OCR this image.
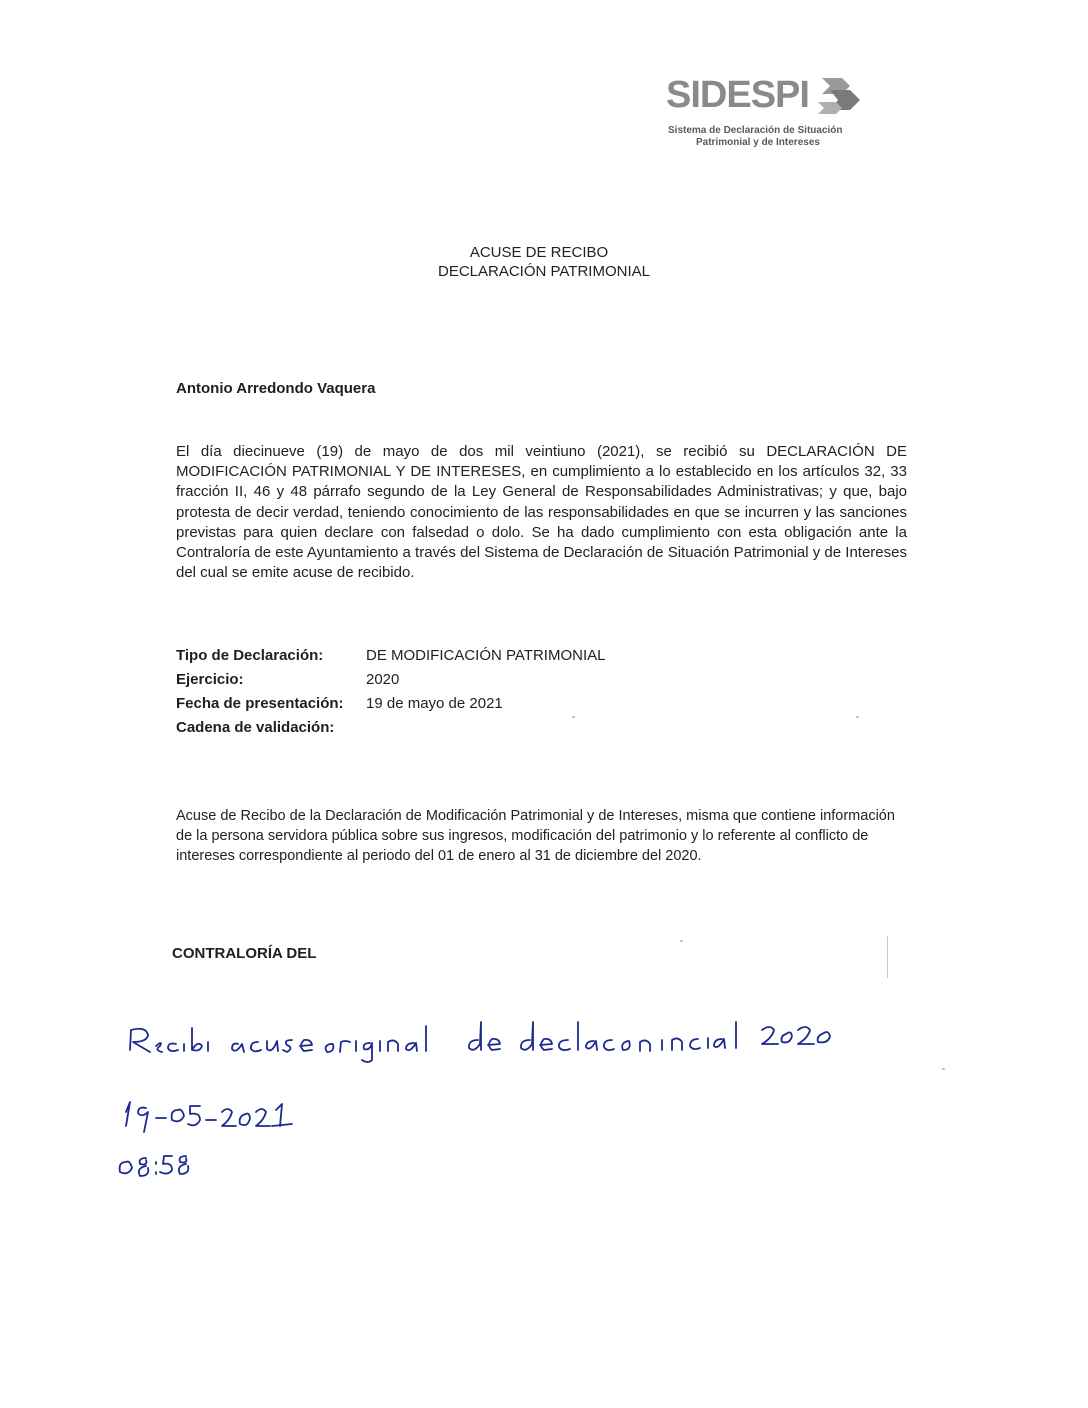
SIDESPI
Sistema de Declaración de Situación
Patrimonial y de Intereses
ACUSE DE RECIBO
DECLARACIÓN PATRIMONIAL
Antonio Arredondo Vaquera
El día diecinueve (19) de mayo de dos mil veintiuno (2021), se recibió su DECLARACIÓN DE MODIFICACIÓN PATRIMONIAL Y DE INTERESES, en cumplimiento a lo establecido en los artículos 32, 33 fracción II, 46 y 48 párrafo segundo de la Ley General de Responsabilidades Administrativas; y que, bajo protesta de decir verdad, teniendo conocimiento de las responsabilidades en que se incurren y las sanciones previstas para quien declare con falsedad o dolo. Se ha dado cumplimiento con esta obligación ante la Contraloría de este Ayuntamiento a través del Sistema de Declaración de Situación Patrimonial y de Intereses del cual se emite acuse de recibido.
Tipo de Declaración:	DE MODIFICACIÓN PATRIMONIAL
Ejercicio:	2020
Fecha de presentación: 19 de mayo de 2021
Cadena de validación:
Acuse de Recibo de la Declaración de Modificación Patrimonial y de Intereses, misma que contiene información de la persona servidora pública sobre sus ingresos, modificación del patrimonio y lo referente al conflicto de intereses correspondiente al periodo del 01 de enero al 31 de diciembre del 2020.
CONTRALORÍA DEL
